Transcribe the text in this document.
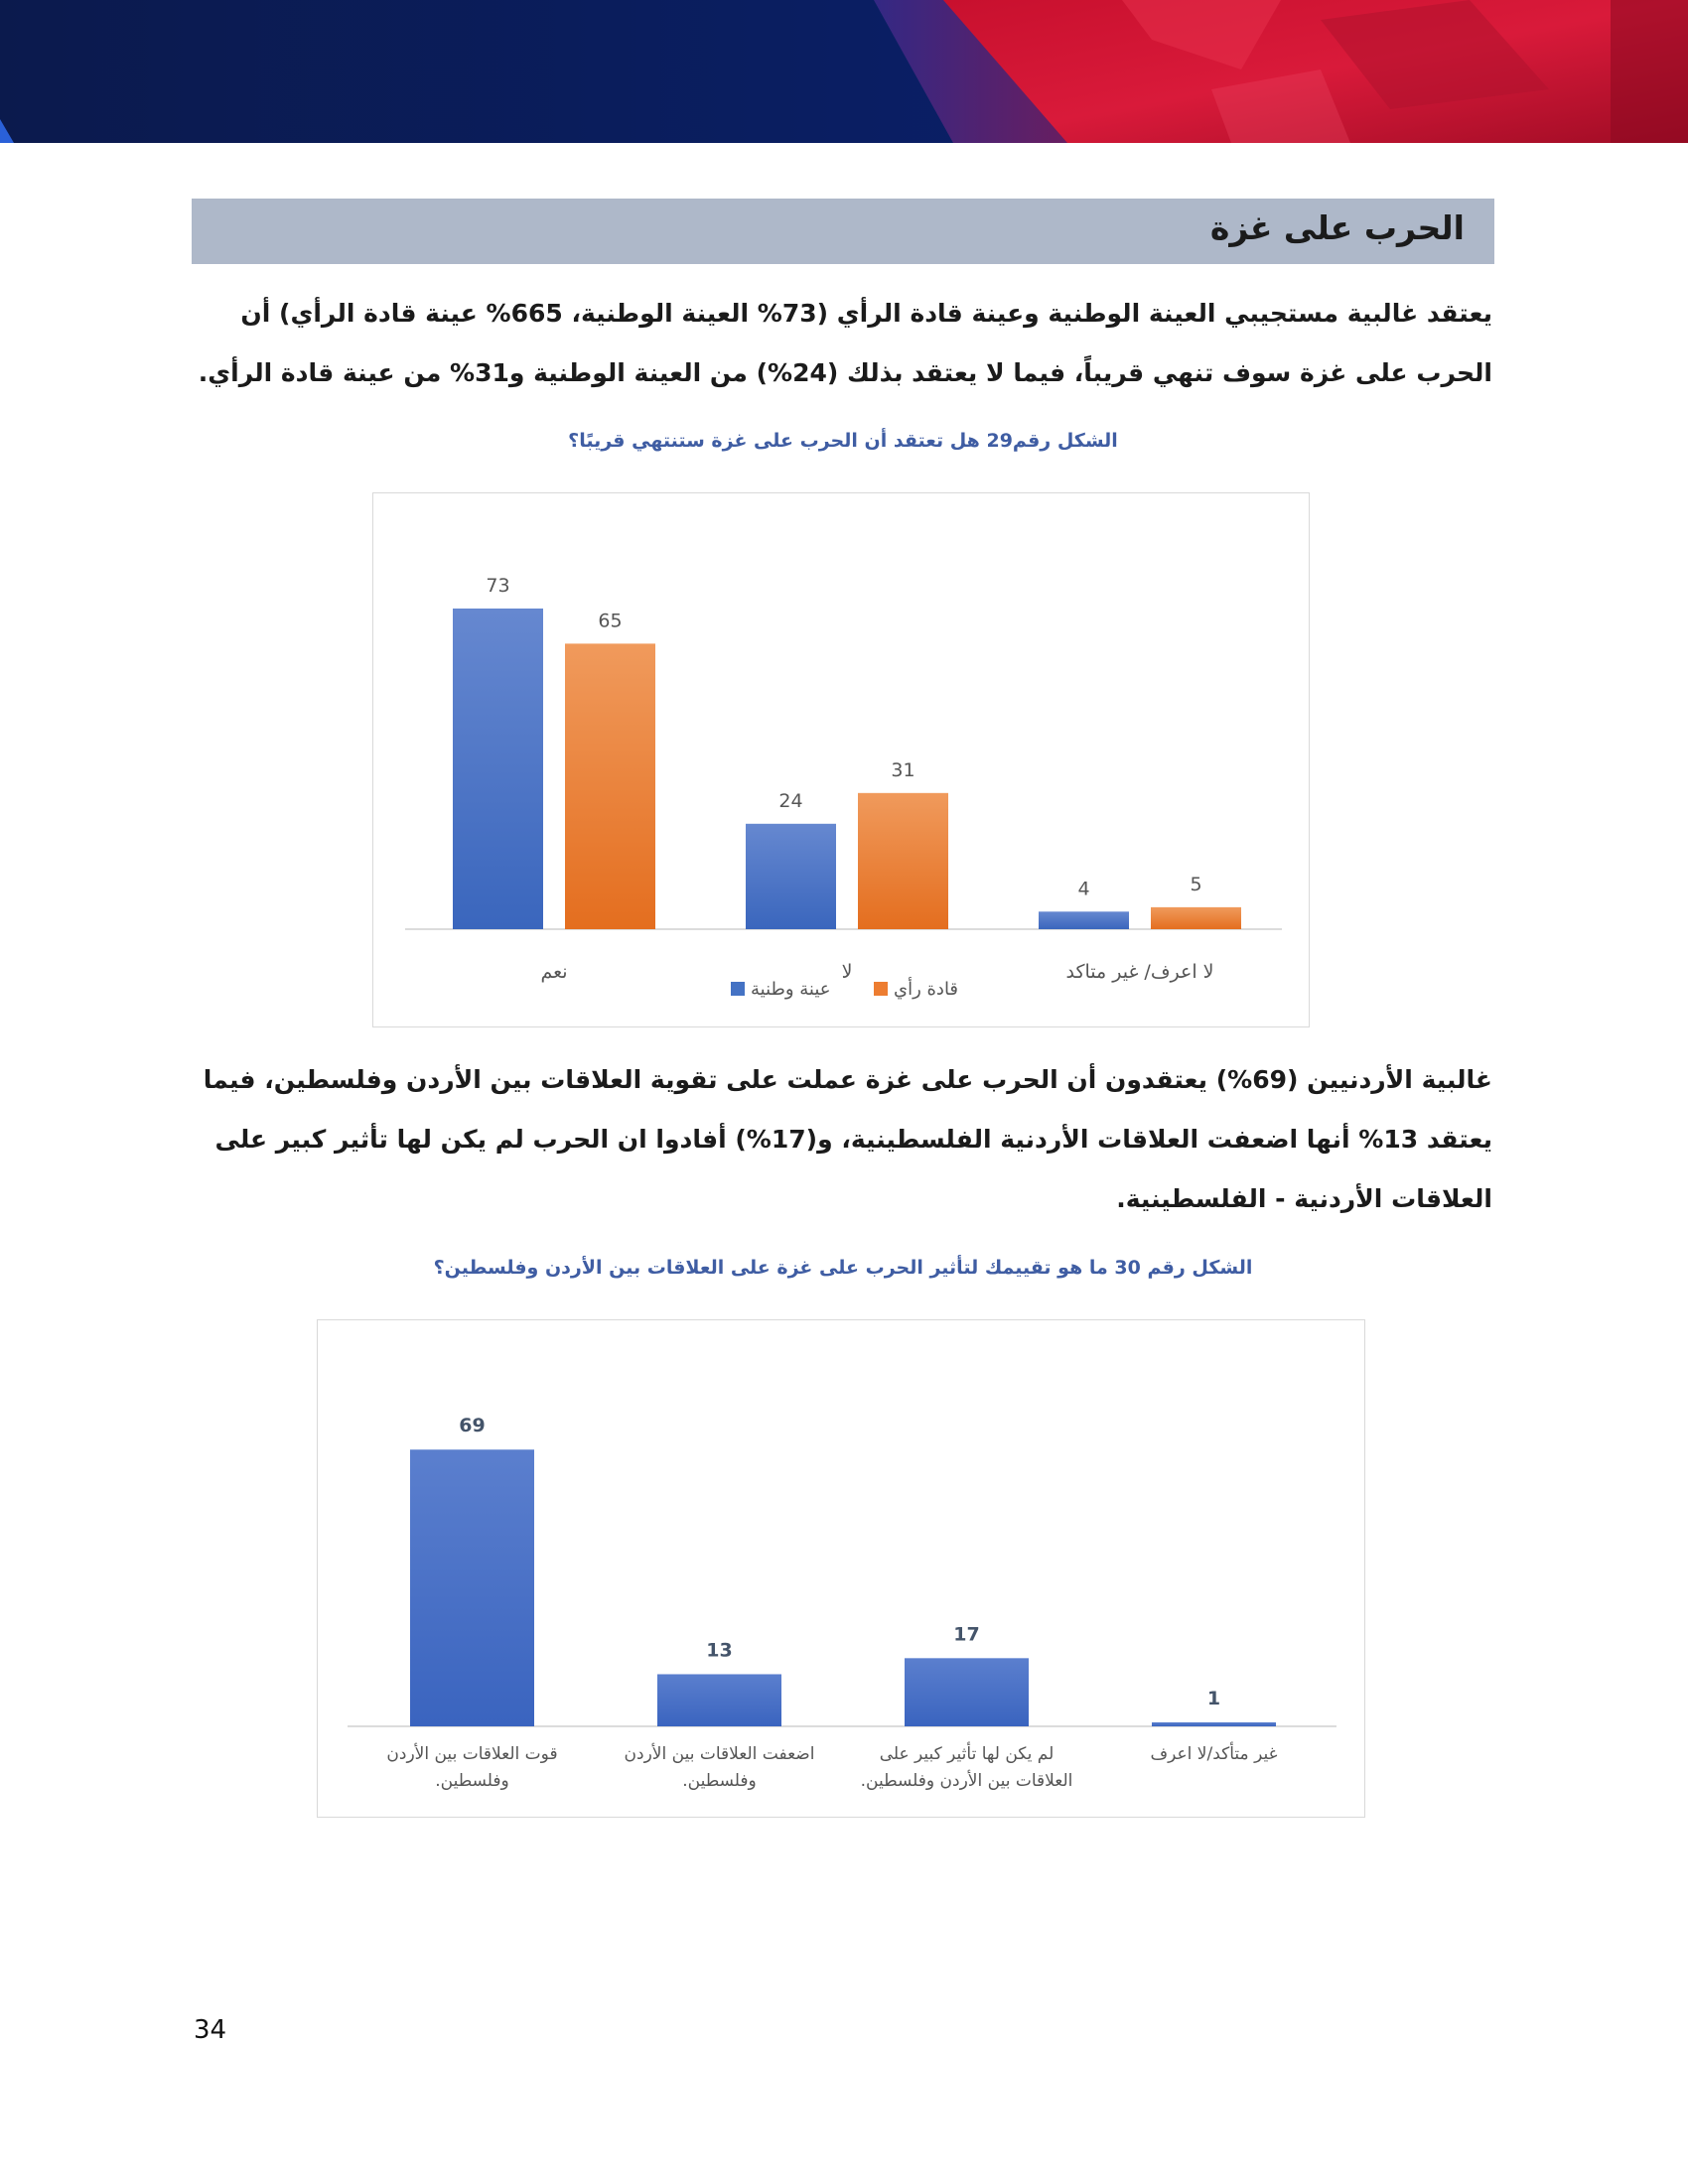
الحرب على غزة
يعتقد غالبية مستجيبي العينة الوطنية وعينة قادة الرأي (73% العينة الوطنية، 665% عينة قادة الرأي) أن الحرب على غزة سوف تنهي قريباً، فيما لا يعتقد بذلك (24%) من العينة الوطنية و31% من عينة قادة الرأي.
الشكل رقم29 هل تعتقد أن الحرب على غزة ستنتهي قريبًا؟
73
65
نعم
24
31
لا
4	5
لا اعرف/ غير متاكد
عينة وطنية	قادة رأي
غالبية الأردنيين (69%) يعتقدون أن الحرب على غزة عملت على تقوية العلاقات بين الأردن وفلسطين، فيما يعتقد 13% أنها اضعفت العلاقات الأردنية الفلسطينية، و(17%) أفادوا ان الحرب لم يكن لها تأثير كبير على العلاقات الأردنية - الفلسطينية.
الشكل رقم 30 ما هو تقييمك لتأثير الحرب على غزة على العلاقات بين الأردن وفلسطين؟
69
قوت العلاقات بين الأردن
وفلسطين.
13
اضعفت العلاقات بين الأردن
وفلسطين.
17
لم يكن لها تأثير كبير على
العلاقات بين الأردن وفلسطين.
1
غير متأكد/لا اعرف
34
